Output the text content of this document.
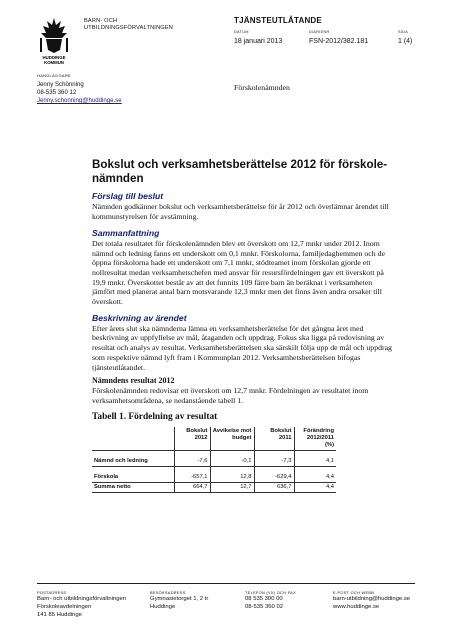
HUDDINGE
KOMMUN
BARN- OCH
UTBILDNINGSFÖRVALTNINGEN
TJÄNSTEUTLÅTANDE
DATUM	DIARIENR	SIDA
18 januari 2013	FSN-2012/382.181	1 (4)
HANDLÄGGARE
Jenny Schönning
08-535 360 12
Jenny.schonning@huddinge.se
Förskolenämnden
Bokslut och verksamhetsberättelse 2012 för förskole-nämnden
Förslag till beslut
Nämnden godkänner bokslut och verksamhetsberättelse för år 2012 och överlämnar ärendet till kommunstyrelsen för avstämning.
Sammanfattning
Det totala resultatet för förskolenämnden blev ett överskott om 12,7 mnkr under 2012. Inom nämnd och ledning fanns ett underskott om 0,1 mnkr. Förskolorna, familjedaghemmen och de öppna förskolorna hade ett underskott om 7,1 mnkr, stödteamet inom förskolan gjorde ett nollresultat medan verksamhetschefen med ansvar för resursfördelningen gav ett överskott på 19,9 mnkr. Överskottet består av att det funnits 109 färre barn än beräknat i verksamheten jämfört med planerat antal barn motsvarande 12,3 mnkr men det finns även andra orsaker till överskott.
Beskrivning av ärendet
Efter årets slut ska nämnderna lämna en verksamhetsberättelse för det gångna året med beskrivning av uppfyllelse av mål, åtaganden och uppdrag. Fokus ska ligga på redovisning av resultat och analys av resultat. Verksamhetsberättelsen ska särskilt följa upp de mål och uppdrag som respektive nämnd lyft fram i Kommunplan 2012. Verksamhetsberättelsen bifogas tjänsteutlåtandet.
Nämndens resultat 2012
Förskolenämnden redovisar ett överskott om 12,7 mnkr. Fördelningen av resultatet inom verksamhetsområdena, se nedanstående tabell 1.
Tabell 1. Fördelning av resultat
	Bokslut 2012	Avvikelse mot budget	Bokslut 2011	Förändring 2012/2011 (%)

Nämnd och ledning	-7,6	-0,1	-7,3	4,1

Förskola	-657,1	12,8	-629,4	4,4
Summa netto	664,7	12,7	636,7	4,4
POSTADRESS
Barn- och utbildningsförvaltningen
Förskoleavdelningen
141 85 Huddinge
BESÖKSADRESS
Gymnasietorget 1, 2 tr
Huddinge
TELEFON (VX) OCH FAX
08 535 300 00
08-535 360 02
E-POST OCH WEBB
barn-utbildning@huddinge.se
www.huddinge.se
